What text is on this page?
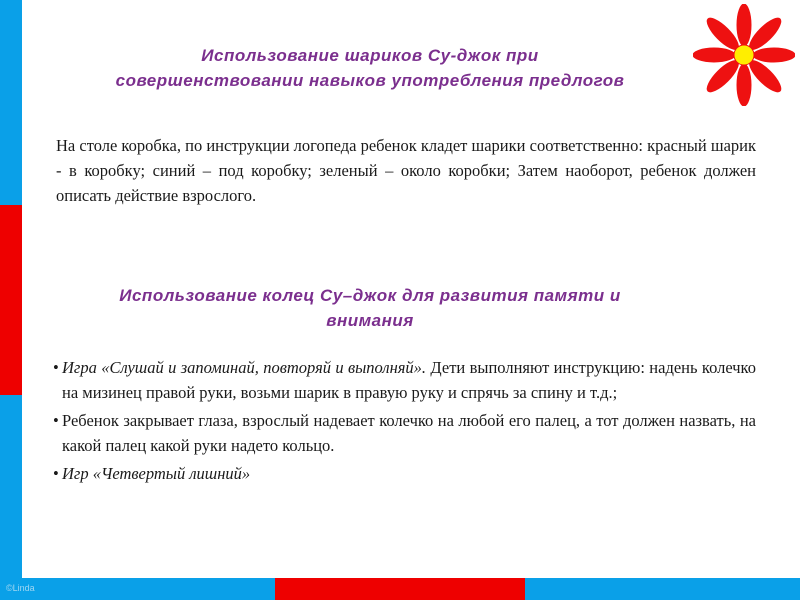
Использование шариков Су-джок при
совершенствовании навыков употребления предлогов
На столе коробка, по инструкции логопеда ребенок кладет шарики соответственно: красный шарик - в коробку; синий – под коробку; зеленый – около коробки; Затем наоборот, ребенок должен описать действие взрослого.
Использование колец Су–джок для развития памяти и
внимания
• Игра «Слушай и запоминай, повторяй и выполняй». Дети выполняют инструкцию: надень колечко на мизинец правой руки, возьми шарик в правую руку и спрячь за спину и т.д.;
• Ребенок закрывает глаза, взрослый надевает колечко на любой его палец, а тот должен назвать, на какой палец какой руки надето кольцо.
• Игр «Четвертый лишний»
©Linda
